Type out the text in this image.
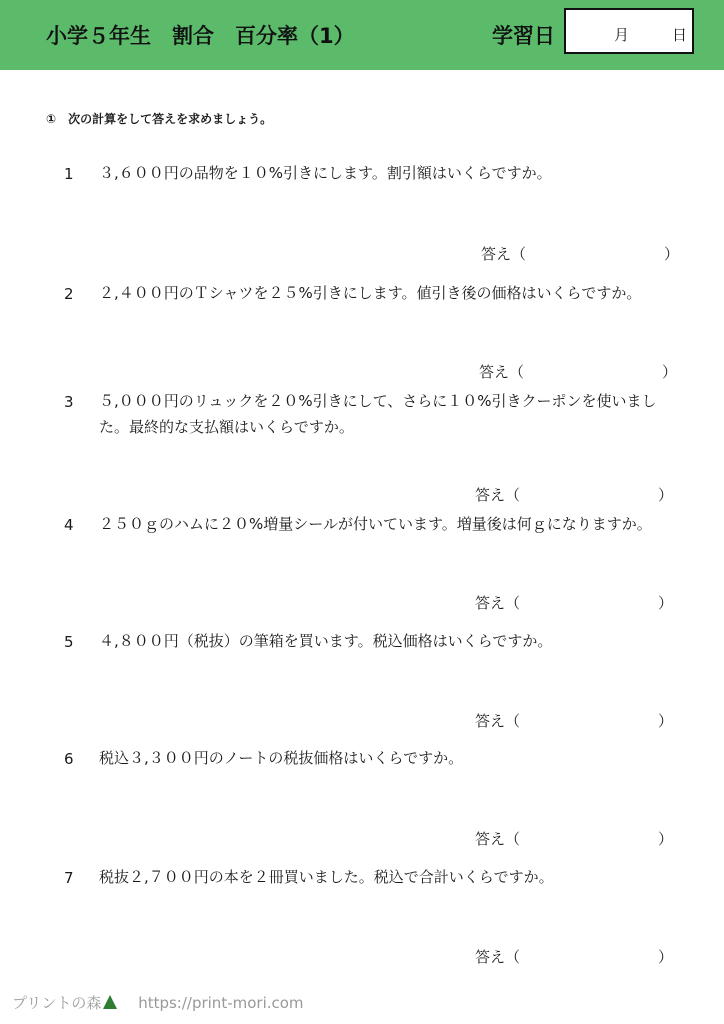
小学５年生　割合　百分率（1）	学習日	月	日
①　次の計算をして答えを求めましょう。
1 ３,６００円の品物を１０%引きにします。割引額はいくらですか。
答え（	）
2 ２,４００円のＴシャツを２５%引きにします。値引き後の価格はいくらですか。
答え（	）
3 ５,０００円のリュックを２０%引きにして、さらに１０%引きクーポンを使いました。最終的な支払額はいくらですか。
答え（	）
4 ２５０ｇのハムに２０%増量シールが付いています。増量後は何ｇになりますか。
答え（	）
5 ４,８００円（税抜）の筆箱を買います。税込価格はいくらですか。
答え（	）
6 税込３,３００円のノートの税抜価格はいくらですか。
答え（	）
7 税抜２,７００円の本を２冊買いました。税込で合計いくらですか。
答え（	）
プリントの森 https://print-mori.com
